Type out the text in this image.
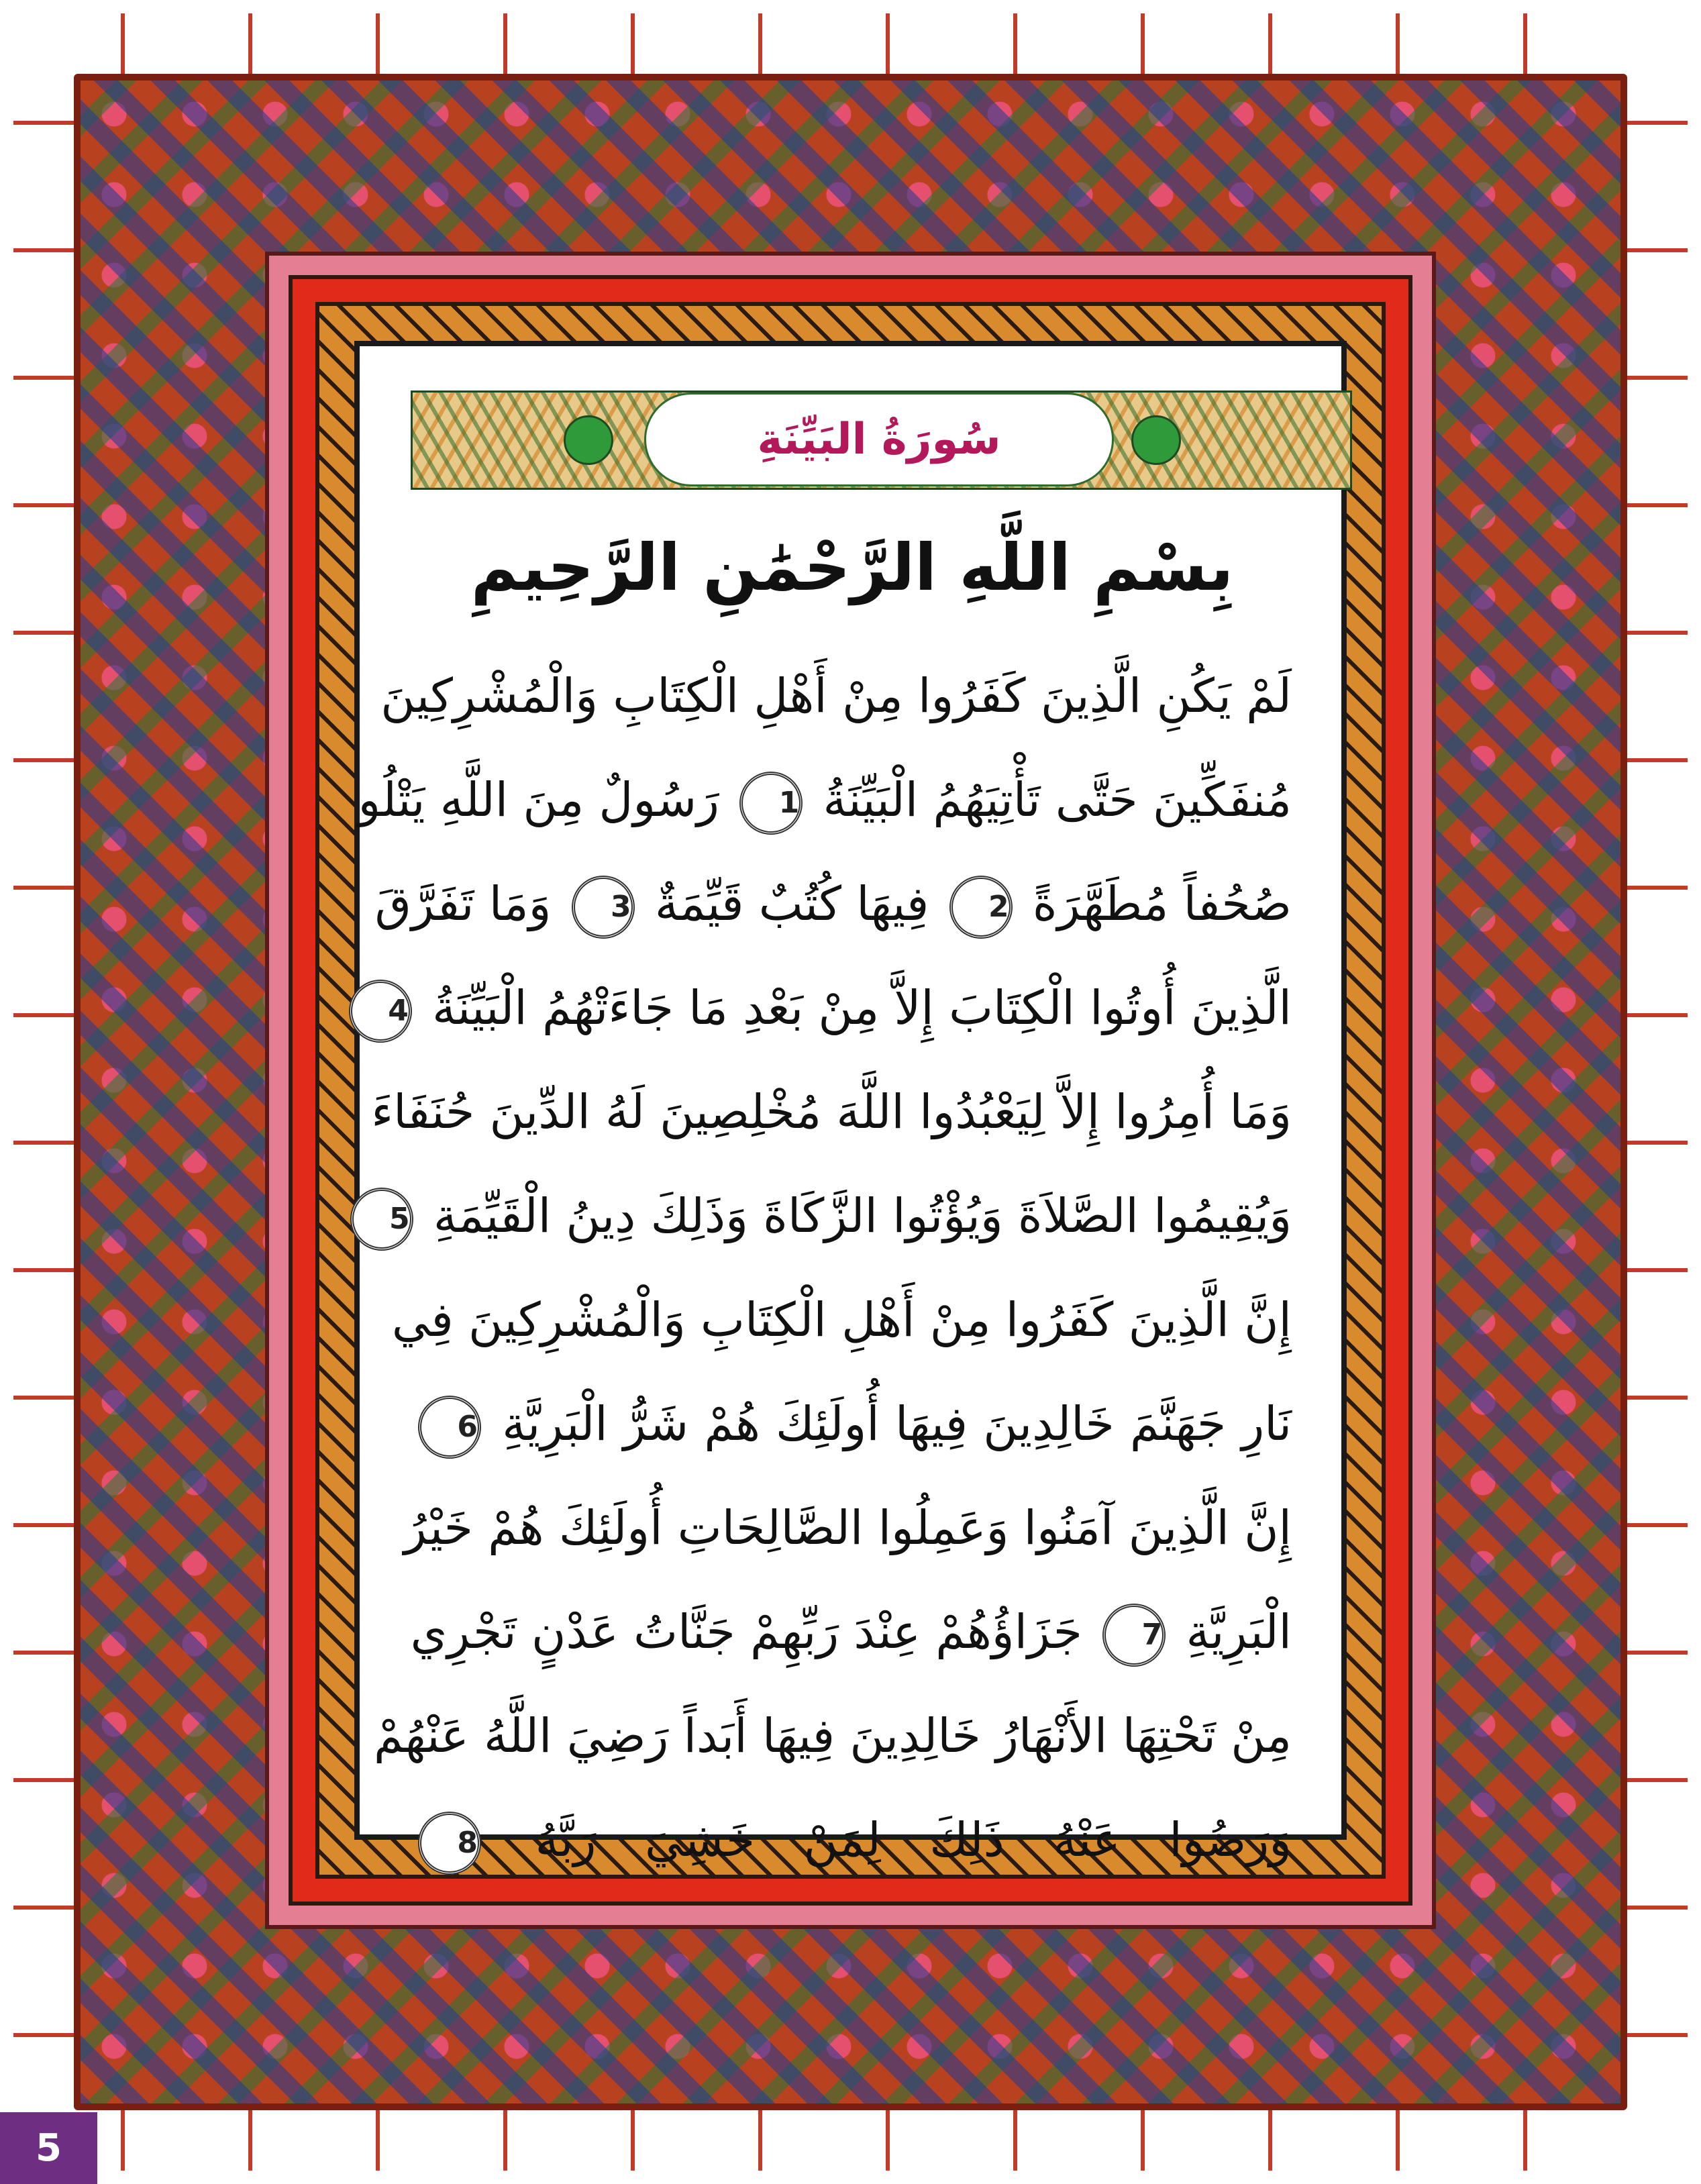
سُورَةُ البَيِّنَةِ
بِسْمِ اللَّهِ الرَّحْمَٰنِ الرَّحِيمِ
لَمْ يَكُنِ الَّذِينَ كَفَرُوا مِنْ أَهْلِ الْكِتَابِ وَالْمُشْرِكِينَ
مُنفَكِّينَ حَتَّى تَأْتِيَهُمُ الْبَيِّنَةُ 1 رَسُولٌ مِنَ اللَّهِ يَتْلُو
صُحُفاً مُطَهَّرَةً 2 فِيهَا كُتُبٌ قَيِّمَةٌ 3 وَمَا تَفَرَّقَ
الَّذِينَ أُوتُوا الْكِتَابَ إِلاَّ مِنْ بَعْدِ مَا جَاءَتْهُمُ الْبَيِّنَةُ 4
وَمَا أُمِرُوا إِلاَّ لِيَعْبُدُوا اللَّهَ مُخْلِصِينَ لَهُ الدِّينَ حُنَفَاءَ
وَيُقِيمُوا الصَّلاَةَ وَيُؤْتُوا الزَّكَاةَ وَذَلِكَ دِينُ الْقَيِّمَةِ 5
إِنَّ الَّذِينَ كَفَرُوا مِنْ أَهْلِ الْكِتَابِ وَالْمُشْرِكِينَ فِي
نَارِ جَهَنَّمَ خَالِدِينَ فِيهَا أُولَئِكَ هُمْ شَرُّ الْبَرِيَّةِ 6
إِنَّ الَّذِينَ آمَنُوا وَعَمِلُوا الصَّالِحَاتِ أُولَئِكَ هُمْ خَيْرُ
الْبَرِيَّةِ 7 جَزَاؤُهُمْ عِنْدَ رَبِّهِمْ جَنَّاتُ عَدْنٍ تَجْرِي
مِنْ تَحْتِهَا الأَنْهَارُ خَالِدِينَ فِيهَا أَبَداً رَضِيَ اللَّهُ عَنْهُمْ
وَرَضُوا عَنْهُ ذَلِكَ لِمَنْ خَشِيَ رَبَّهُ 8
5
